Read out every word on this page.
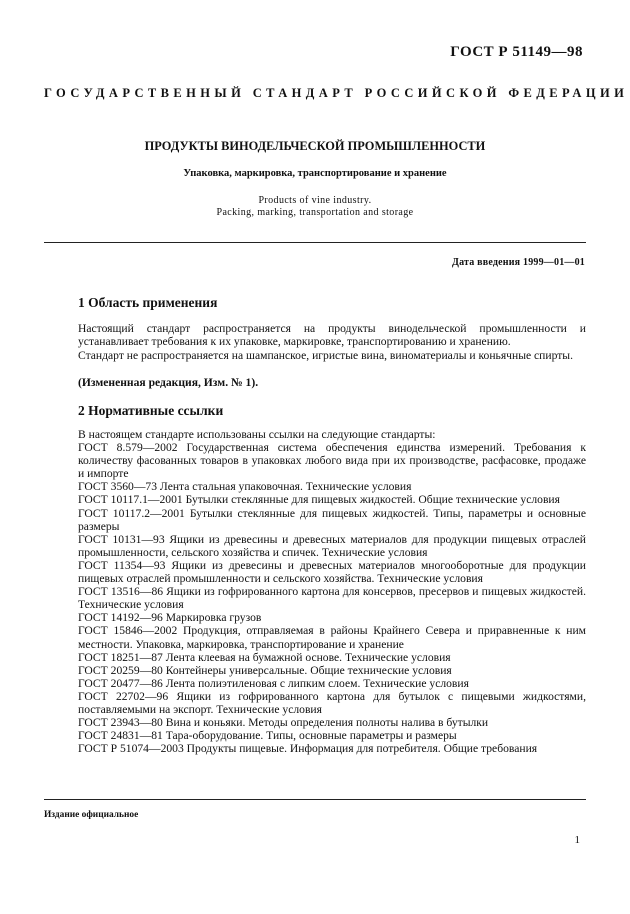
ГОСТ Р 51149—98
ГОСУДАРСТВЕННЫЙ СТАНДАРТ РОССИЙСКОЙ ФЕДЕРАЦИИ
ПРОДУКТЫ ВИНОДЕЛЬЧЕСКОЙ ПРОМЫШЛЕННОСТИ
Упаковка, маркировка, транспортирование и хранение
Products of vine industry.
Packing, marking, transportation and storage
Дата введения 1999—01—01
1 Область применения

Настоящий стандарт распространяется на продукты винодельческой промышленности и устанавливает требования к их упаковке, маркировке, транспортированию и хранению.

Стандарт не распространяется на шампанское, игристые вина, виноматериалы и коньячные спирты.

(Измененная редакция, Изм. № 1).
2 Нормативные ссылки

В настоящем стандарте использованы ссылки на следующие стандарты:

ГОСТ 8.579—2002 Государственная система обеспечения единства измерений. Требования к количеству фасованных товаров в упаковках любого вида при их производстве, расфасовке, продаже и импорте

ГОСТ 3560—73 Лента стальная упаковочная. Технические условия

ГОСТ 10117.1—2001 Бутылки стеклянные для пищевых жидкостей. Общие технические условия

ГОСТ 10117.2—2001 Бутылки стеклянные для пищевых жидкостей. Типы, параметры и основные размеры

ГОСТ 10131—93 Ящики из древесины и древесных материалов для продукции пищевых отраслей промышленности, сельского хозяйства и спичек. Технические условия

ГОСТ 11354—93 Ящики из древесины и древесных материалов многооборотные для продукции пищевых отраслей промышленности и сельского хозяйства. Технические условия

ГОСТ 13516—86 Ящики из гофрированного картона для консервов, пресервов и пищевых жидкостей. Технические условия

ГОСТ 14192—96 Маркировка грузов

ГОСТ 15846—2002 Продукция, отправляемая в районы Крайнего Севера и приравненные к ним местности. Упаковка, маркировка, транспортирование и хранение

ГОСТ 18251—87 Лента клеевая на бумажной основе. Технические условия

ГОСТ 20259—80 Контейнеры универсальные. Общие технические условия

ГОСТ 20477—86 Лента полиэтиленовая с липким слоем. Технические условия

ГОСТ 22702—96 Ящики из гофрированного картона для бутылок с пищевыми жидкостями, поставляемыми на экспорт. Технические условия

ГОСТ 23943—80 Вина и коньяки. Методы определения полноты налива в бутылки

ГОСТ 24831—81 Тара-оборудование. Типы, основные параметры и размеры

ГОСТ Р 51074—2003 Продукты пищевые. Информация для потребителя. Общие требования

Издание официальное
1
